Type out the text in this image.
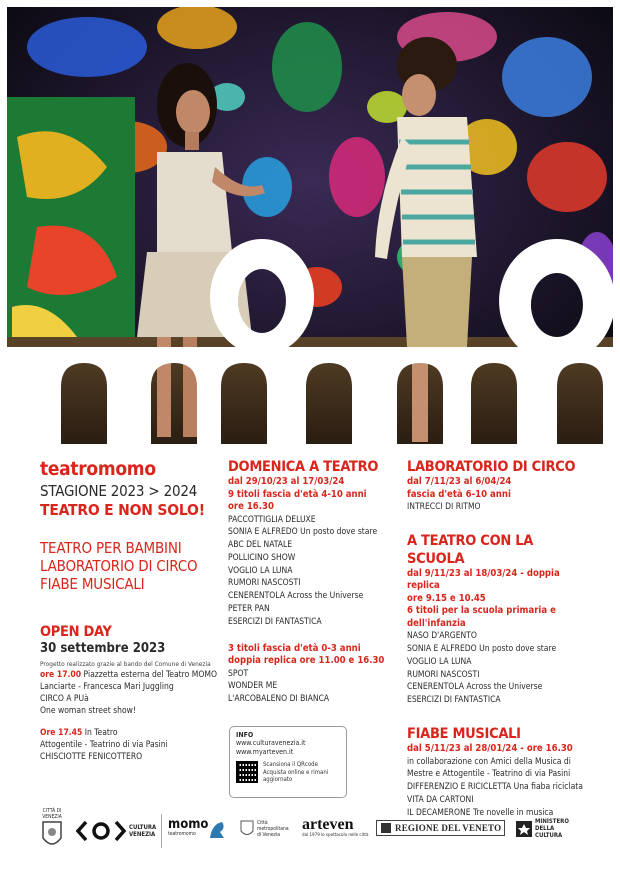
teatromomo
STAGIONE 2023 > 2024
TEATRO E NON SOLO!
TEATRO PER BAMBINI
LABORATORIO DI CIRCO
FIABE MUSICALI
OPEN DAY
30 settembre 2023
Progetto realizzato grazie al bando del Comune di Venezia
ore 17.00 Piazzetta esterna del Teatro MOMO
Lanciarte - Francesca Mari Juggling
CIRCO A PUà
One woman street show!
Ore 17.45 In Teatro
Attogentile - Teatrino di via Pasini
CHISCIOTTE FENICOTTERO
DOMENICA A TEATRO
dal 29/10/23 al 17/03/24
9 titoli fascia d'età 4-10 anni
ore 16.30
PACCOTTIGLIA DELUXE
SONIA E ALFREDO Un posto dove stare
ABC DEL NATALE
POLLICINO SHOW
VOGLIO LA LUNA
RUMORI NASCOSTI
CENERENTOLA Across the Universe
PETER PAN
ESERCIZI DI FANTASTICA
3 titoli fascia d'età 0-3 anni
doppia replica ore 11.00 e 16.30
SPOT
WONDER ME
L'ARCOBALENO DI BIANCA
INFO
www.culturavenezia.it
www.myarteven.it
Scansiona il QRcode Acquista online e rimani aggiornato
LABORATORIO DI CIRCO
dal 7/11/23 al 6/04/24
fascia d'età 6-10 anni
INTRECCI DI RITMO
A TEATRO CON LA SCUOLA
dal 9/11/23 al 18/03/24 - doppia replica
ore 9.15 e 10.45
6 titoli per la scuola primaria e
dell'infanzia
NASO D'ARGENTO
SONIA E ALFREDO Un posto dove stare
VOGLIO LA LUNA
RUMORI NASCOSTI
CENERENTOLA Across the Universe
ESERCIZI DI FANTASTICA
FIABE MUSICALI
dal 5/11/23 al 28/01/24 - ore 16.30
in collaborazione con Amici della Musica di
Mestre e Attogentile - Teatrino di via Pasini
DIFFERENZIO E RICICLETTA Una fiaba riciclata
VITA DA CARTONI
IL DECAMERONE Tre novelle in musica
CITTÀ DI VENEZIA
CULTURA VENEZIA
momo
teatromomo
Città metropolitana di Venezia
arteven
dal 1979 lo spettacolo nelle città
REGIONE DEL VENETO
MINISTERO DELLA CULTURA
